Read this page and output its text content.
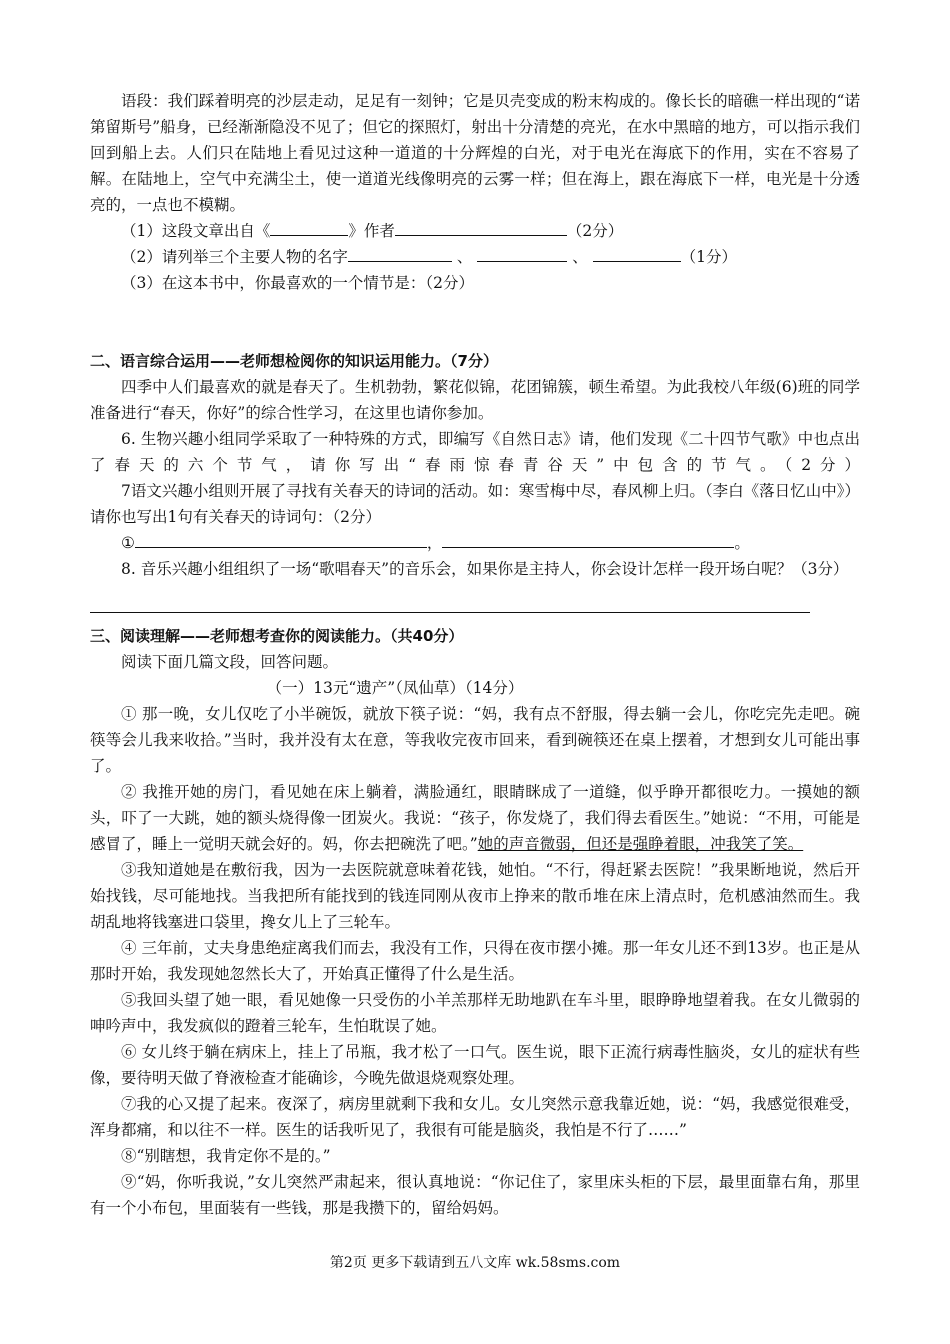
语段：我们踩着明亮的沙层走动，足足有一刻钟；它是贝壳变成的粉末构成的。像长长的暗礁一样出现的“诺第留斯号”船身，已经渐渐隐没不见了；但它的探照灯，射出十分清楚的亮光，在水中黑暗的地方，可以指示我们回到船上去。人们只在陆地上看见过这种一道道的十分辉煌的白光，对于电光在海底下的作用，实在不容易了解。在陆地上，空气中充满尘土，使一道道光线像明亮的云雾一样；但在海上，跟在海底下一样，电光是十分透亮的，一点也不模糊。

（1）这段文章出自《	》作者	（2分）

（2）请列举三个主要人物的名字	、	、	（1分）

（3）在这本书中，你最喜欢的一个情节是：（2分）

二、语言综合运用——老师想检阅你的知识运用能力。（7分）

四季中人们最喜欢的就是春天了。生机勃勃，繁花似锦，花团锦簇，顿生希望。为此我校八年级(6)班的同学准备进行“春天，你好”的综合性学习，在这里也请你参加。

6. 生物兴趣小组同学采取了一种特殊的方式，即编写《自然日志》请，他们发现《二十四节气歌》中也点出了春天的六个节气，请你写出“春雨惊春青谷天”中包含的节气。（2分）

7语文兴趣小组则开展了寻找有关春天的诗词的活动。如：寒雪梅中尽，春风柳上归。（李白《落日忆山中》）请你也写出1句有关春天的诗词句：（2分）

①	，	。

8. 音乐兴趣小组组织了一场“歌唱春天”的音乐会，如果你是主持人，你会设计怎样一段开场白呢？（3分）

三、阅读理解——老师想考查你的阅读能力。（共40分）

阅读下面几篇文段，回答问题。

（一）13元“遗产”（凤仙草）（14分）

① 那一晚，女儿仅吃了小半碗饭，就放下筷子说：“妈，我有点不舒服，得去躺一会儿，你吃完先走吧。碗筷等会儿我来收拾。”当时，我并没有太在意，等我收完夜市回来，看到碗筷还在桌上摆着，才想到女儿可能出事了。

② 我推开她的房门，看见她在床上躺着，满脸通红，眼睛眯成了一道缝，似乎睁开都很吃力。一摸她的额头，吓了一大跳，她的额头烧得像一团炭火。我说：“孩子，你发烧了，我们得去看医生。”她说：“不用，可能是感冒了，睡上一觉明天就会好的。妈，你去把碗洗了吧。”她的声音微弱，但还是强睁着眼，冲我笑了笑。

③我知道她是在敷衍我，因为一去医院就意味着花钱，她怕。“不行，得赶紧去医院！”我果断地说，然后开始找钱，尽可能地找。当我把所有能找到的钱连同刚从夜市上挣来的散币堆在床上清点时，危机感油然而生。我胡乱地将钱塞进口袋里，搀女儿上了三轮车。

④ 三年前，丈夫身患绝症离我们而去，我没有工作，只得在夜市摆小摊。那一年女儿还不到13岁。也正是从那时开始，我发现她忽然长大了，开始真正懂得了什么是生活。

⑤我回头望了她一眼，看见她像一只受伤的小羊羔那样无助地趴在车斗里，眼睁睁地望着我。在女儿微弱的呻吟声中，我发疯似的蹬着三轮车，生怕耽误了她。

⑥ 女儿终于躺在病床上，挂上了吊瓶，我才松了一口气。医生说，眼下正流行病毒性脑炎，女儿的症状有些像，要待明天做了脊液检查才能确诊，今晚先做退烧观察处理。

⑦我的心又提了起来。夜深了，病房里就剩下我和女儿。女儿突然示意我靠近她，说：“妈，我感觉很难受，浑身都痛，和以往不一样。医生的话我听见了，我很有可能是脑炎，我怕是不行了……”

⑧“别瞎想，我肯定你不是的。”

⑨“妈，你听我说，”女儿突然严肃起来，很认真地说：“你记住了，家里床头柜的下层，最里面靠右角，那里有一个小布包，里面装有一些钱，那是我攒下的，留给妈妈。

第2页 更多下载请到五八文库 wk.58sms.com
